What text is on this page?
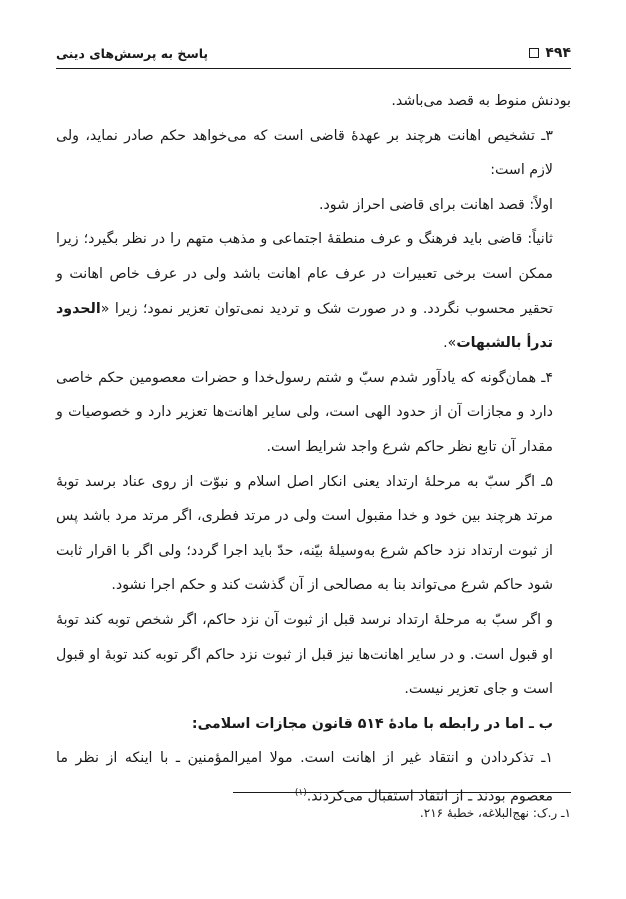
۴۹۴
پاسخ به پرسش‌های دینی

بودنش منوط به قصد می‌باشد.

۳ـ تشخیص اهانت هرچند بر عهدهٔ قاضی است که می‌خواهد حکم صادر نماید، ولی لازم است:

اولاً: قصد اهانت برای قاضی احراز شود.

ثانیاً: قاضی باید فرهنگ و عرف منطقهٔ اجتماعی و مذهب متهم را در نظر بگیرد؛ زیرا ممکن است برخی تعبیرات در عرف عام اهانت باشد ولی در عرف خاص اهانت و تحقیر محسوب نگردد. و در صورت شک و تردید نمی‌توان تعزیر نمود؛ زیرا «الحدود تدرأ بالشبهات».

۴ـ همان‌گونه که یادآور شدم سبّ و شتم رسول‌خدا و حضرات معصومین حکم خاصی دارد و مجازات آن از حدود الهی است، ولی سایر اهانت‌ها تعزیر دارد و خصوصیات و مقدار آن تابع نظر حاکم شرع واجد شرایط است.

۵ـ اگر سبّ به مرحلهٔ ارتداد یعنی انکار اصل اسلام و نبوّت از روی عناد برسد توبهٔ مرتد هرچند بین خود و خدا مقبول است ولی در مرتد فطری، اگر مرتد مرد باشد پس از ثبوت ارتداد نزد حاکم شرع به‌وسیلهٔ بیّنه، حدّ باید اجرا گردد؛ ولی اگر با اقرار ثابت شود حاکم شرع می‌تواند بنا به مصالحی از آن گذشت کند و حکم اجرا نشود.

و اگر سبّ به مرحلهٔ ارتداد نرسد قبل از ثبوت آن نزد حاکم، اگر شخص توبه کند توبهٔ او قبول است. و در سایر اهانت‌ها نیز قبل از ثبوت نزد حاکم اگر توبه کند توبهٔ او قبول است و جای تعزیر نیست.

ب ـ اما در رابطه با مادهٔ ۵۱۴ قانون مجازات اسلامی:

۱ـ تذکردادن و انتقاد غیر از اهانت است. مولا امیرالمؤمنین ـ با اینکه از نظر ما معصوم بودند ـ از انتقاد استقبال می‌کردند.$^{(۱)}$

۱ـ ر.ک: نهج‌البلاغه، خطبهٔ ۲۱۶.
